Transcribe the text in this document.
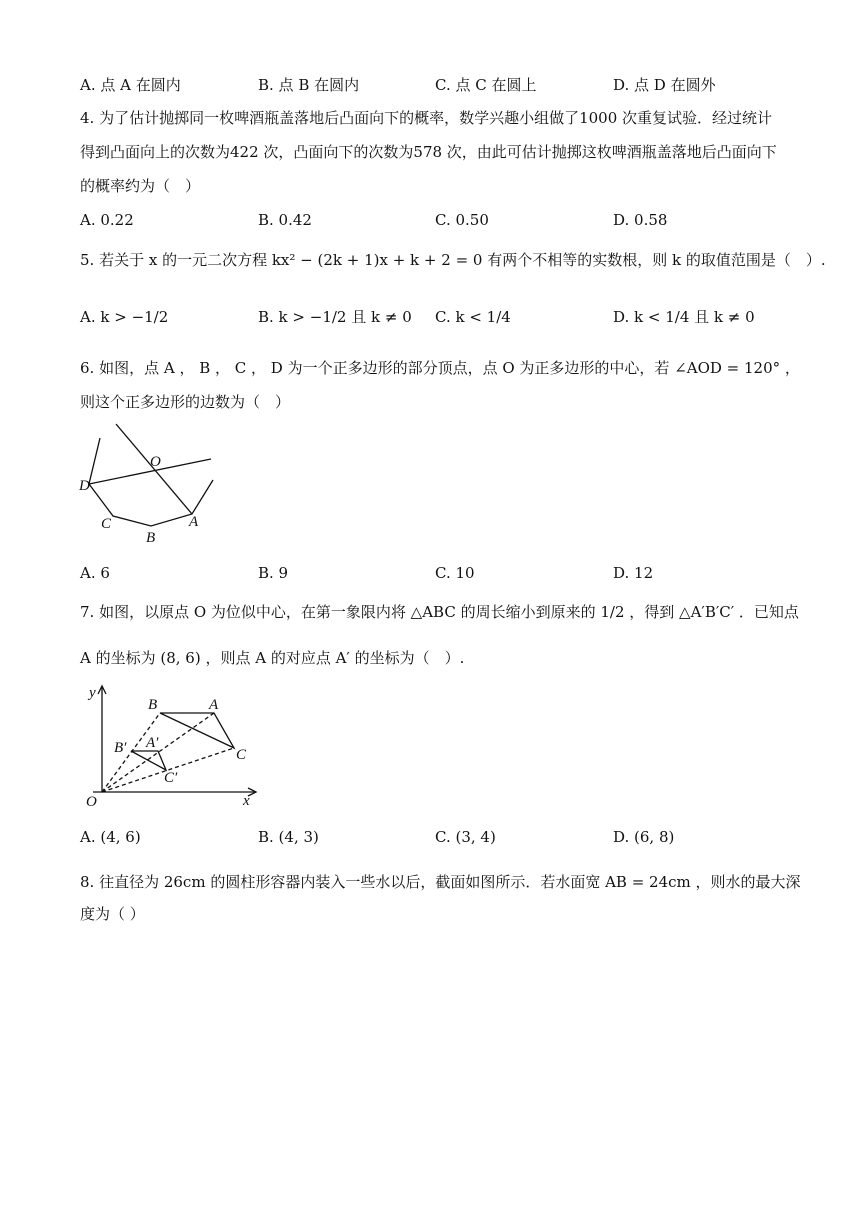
A. 点 A 在圆内	B. 点 B 在圆内	C. 点 C 在圆上	D. 点 D 在圆外
4. 为了估计抛掷同一枚啤酒瓶盖落地后凸面向下的概率，数学兴趣小组做了1000 次重复试验．经过统计
得到凸面向上的次数为422 次，凸面向下的次数为578 次，由此可估计抛掷这枚啤酒瓶盖落地后凸面向下
的概率约为（　）
A. 0.22	B. 0.42	C. 0.50	D. 0.58
5. 若关于 x 的一元二次方程 kx² − (2k + 1)x + k + 2 = 0 有两个不相等的实数根，则 k 的取值范围是（　）.
A. k > −1/2	B. k > −1/2 且 k ≠ 0 C. k < 1/4	D. k < 1/4 且 k ≠ 0
6. 如图，点 A ， B ， C ， D 为一个正多边形的部分顶点，点 O 为正多边形的中心，若 ∠AOD = 120° ，
则这个正多边形的边数为（　）
O
D
C
B
A
A. 6	B. 9	C. 10	D. 12
7. 如图，以原点 O 为位似中心，在第一象限内将 △ABC 的周长缩小到原来的 1/2 ，得到 △A′B′C′ ．已知点
A 的坐标为 (8, 6) ，则点 A 的对应点 A′ 的坐标为（　）.
y
x
O
B	A
C
B′ A′
C′
A. (4, 6)	B. (4, 3)	C. (3, 4)	D. (6, 8)
8. 往直径为 26cm 的圆柱形容器内装入一些水以后，截面如图所示．若水面宽 AB = 24cm ，则水的最大深
度为（ ）
